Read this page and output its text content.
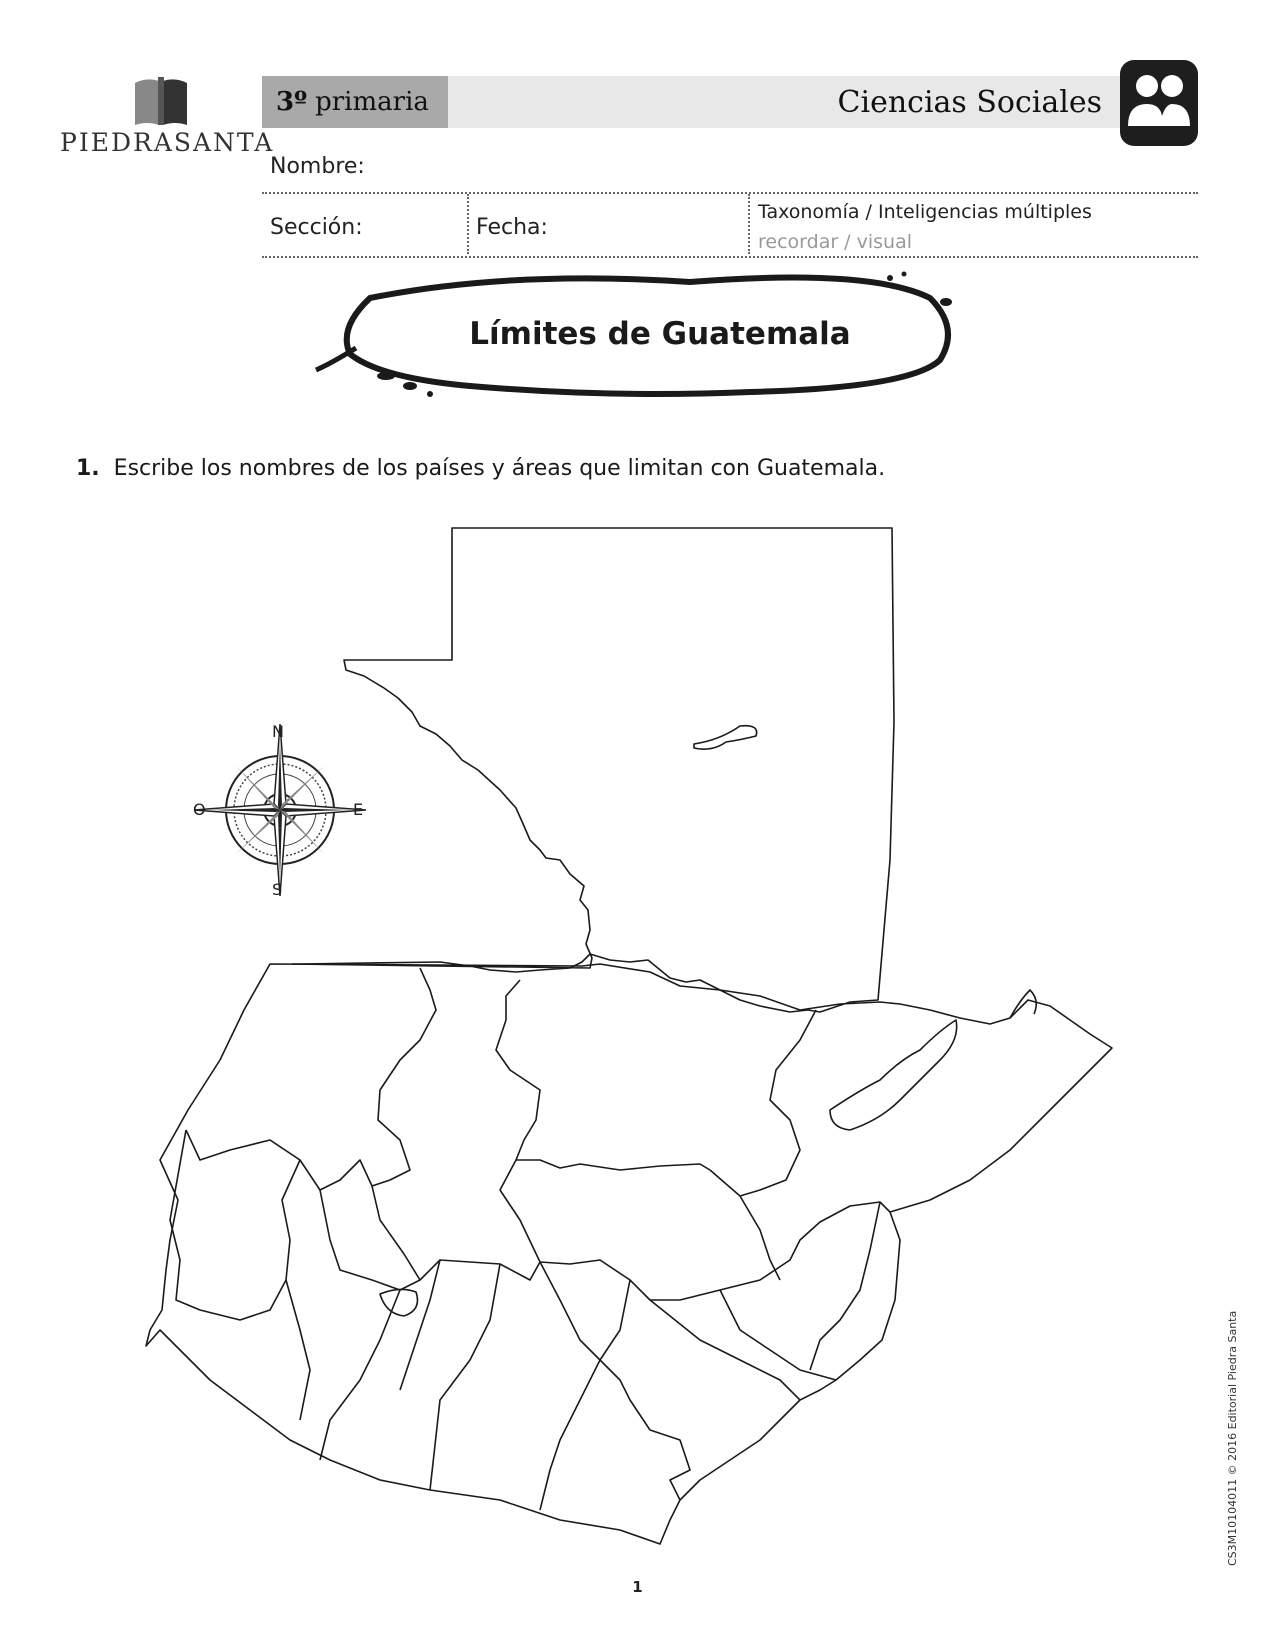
PIEDRASANTA
3º primaria	Ciencias Sociales
Nombre:
Sección:	Fecha:
Taxonomía / Inteligencias múltiples
recordar / visual
Límites de Guatemala
1. Escribe los nombres de los países y áreas que limitan con Guatemala.
N
S
E
O
1
CS3M10104011 © 2016 Editorial Piedra Santa
